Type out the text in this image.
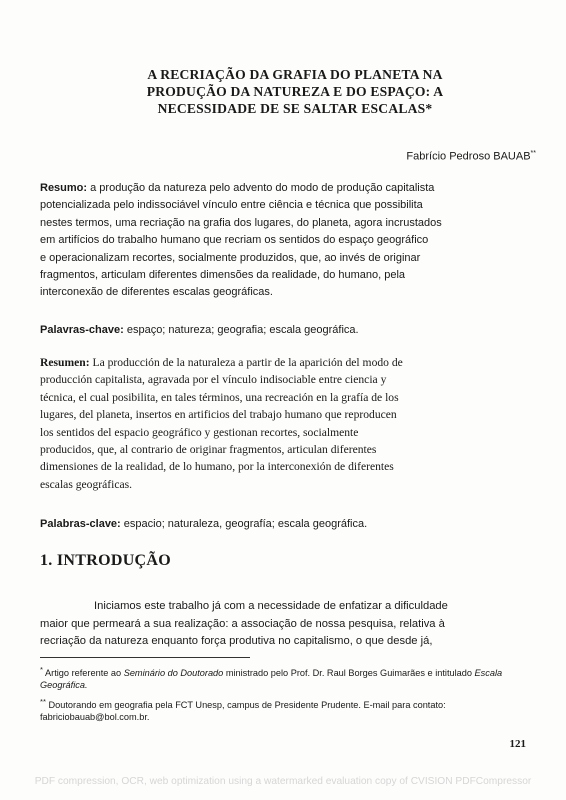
A RECRIAÇÃO DA GRAFIA DO PLANETA NA
PRODUÇÃO DA NATUREZA E DO ESPAÇO: A
NECESSIDADE DE SE SALTAR ESCALAS*
Fabrício Pedroso BAUAB**
Resumo: a produção da natureza pelo advento do modo de produção capitalista
potencializada pelo indissociável vínculo entre ciência e técnica que possibilita
nestes termos, uma recriação na grafia dos lugares, do planeta, agora incrustados
em artifícios do trabalho humano que recriam os sentidos do espaço geográfico
e operacionalizam recortes, socialmente produzidos, que, ao invés de originar
fragmentos, articulam diferentes dimensões da realidade, do humano, pela
interconexão de diferentes escalas geográficas.
Palavras-chave: espaço; natureza; geografia; escala geográfica.
Resumen: La producción de la naturaleza a partir de la aparición del modo de
producción capitalista, agravada por el vínculo indisociable entre ciencia y
técnica, el cual posibilita, en tales términos, una recreación en la grafía de los
lugares, del planeta, insertos en artificios del trabajo humano que reproducen
los sentidos del espacio geográfico y gestionan recortes, socialmente
producidos, que, al contrario de originar fragmentos, articulan diferentes
dimensiones de la realidad, de lo humano, por la interconexión de diferentes
escalas geográficas.
Palabras-clave: espacio; naturaleza, geografía; escala geográfica.
1. INTRODUÇÃO
Iniciamos este trabalho já com a necessidade de enfatizar a dificuldade
maior que permeará a sua realização: a associação de nossa pesquisa, relativa à
recriação da natureza enquanto força produtiva no capitalismo, o que desde já,

* Artigo referente ao Seminário do Doutorado ministrado pelo Prof. Dr. Raul Borges Guimarães e intitulado Escala Geográfica.

** Doutorando em geografia pela FCT Unesp, campus de Presidente Prudente. E-mail para contato: fabriciobauab@bol.com.br.

121
PDF compression, OCR, web optimization using a watermarked evaluation copy of CVISION PDFCompressor
